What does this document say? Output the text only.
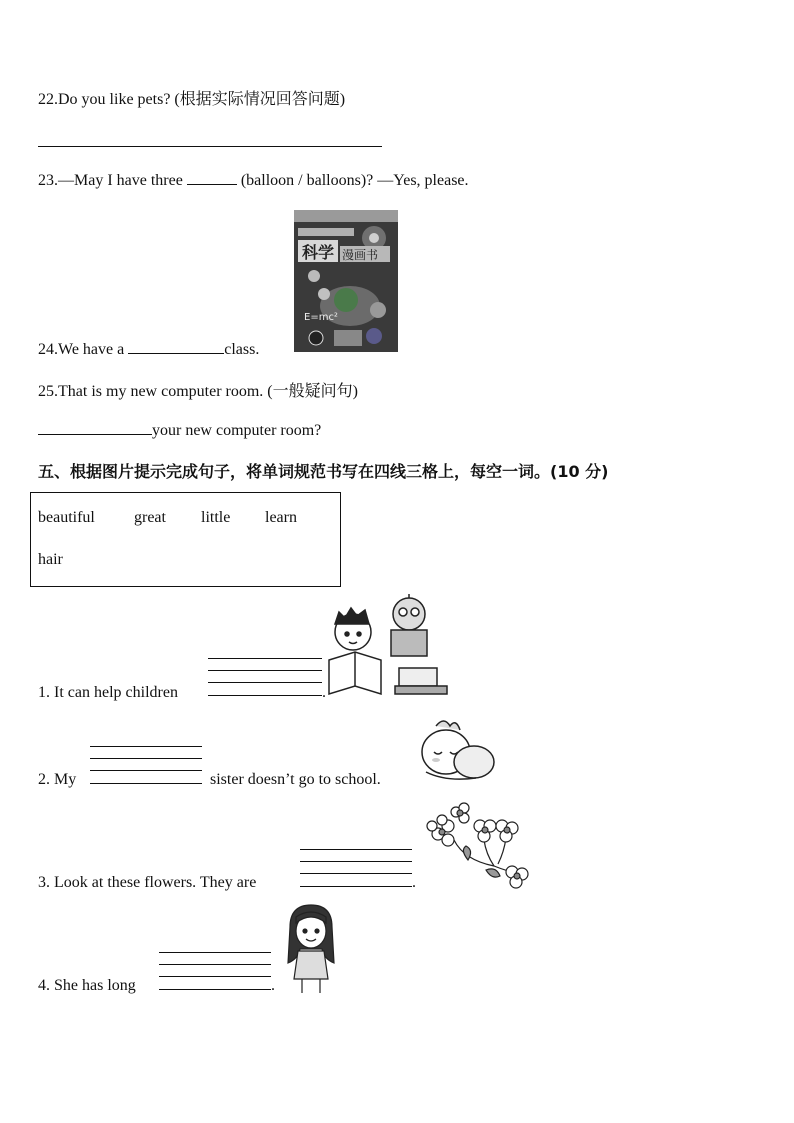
22.Do you like pets? (根据实际情况回答问题)
23.—May I have three	(balloon / balloons)? —Yes, please.
科学 漫画书
E=mc²
24.We have a	class.
25.That is my new computer room. (一般疑问句)
your new computer room?
五、根据图片提示完成句子，将单词规范书写在四线三格上，每空一词。(10 分)
beautiful great little learn
hair
1. It can help children	.
2. My	sister doesn’t go to school.
3. Look at these flowers. They are	.
4. She has long	.
